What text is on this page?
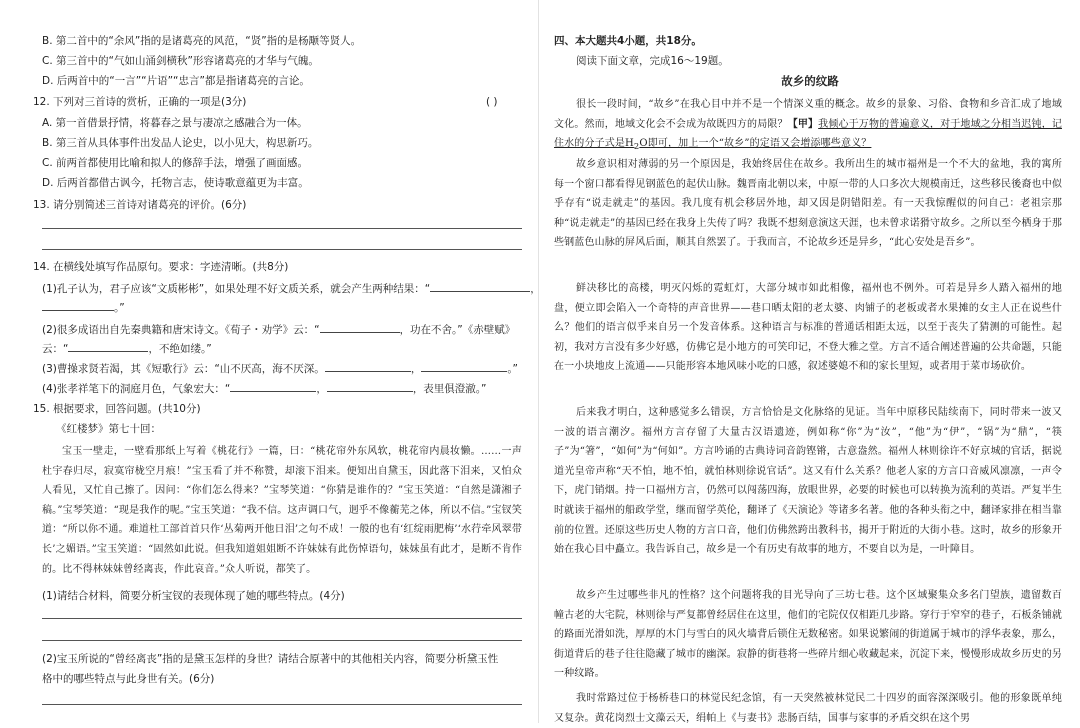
B. 第二首中的“余风”指的是诸葛亮的风范，“贤”指的是杨颙等贤人。
C. 第三首中的“气如山涌剑横秋”形容诸葛亮的才华与气魄。
D. 后两首中的“一言”“片语”“忠言”都是指诸葛亮的言论。
12. 下列对三首诗的赏析，正确的一项是(3分)	( )
A. 第一首借景抒情，将暮春之景与凄凉之感融合为一体。
B. 第三首从具体事件出发品人论史，以小见大，构思新巧。
C. 前两首都使用比喻和拟人的修辞手法，增强了画面感。
D. 后两首都借古讽今，托物言志，使诗歌意蕴更为丰富。
13. 请分别简述三首诗对诸葛亮的评价。(6分)
14. 在横线处填写作品原句。要求：字迹清晰。(共8分)
(1)孔子认为，君子应该“文质彬彬”，如果处理不好文质关系，就会产生两种结果：“	，
。”
(2)很多成语出自先秦典籍和唐宋诗文。《荀子・劝学》云：“	，功在不舍。”《赤壁赋》
云：“	，不绝如缕。”
(3)曹操求贤若渴，其《短歌行》云：“山不厌高，海不厌深。	，	。”
(4)张孝祥笔下的洞庭月色，气象宏大：“	，	，表里俱澄澈。”
15. 根据要求，回答问题。(共10分)
《红楼梦》第七十回：
宝玉一壁走，一壁看那纸上写着《桃花行》一篇，曰：“桃花帘外东风软，桃花帘内晨妆懒。……一声杜宇春归尽，寂寞帘栊空月痕！”宝玉看了并不称赞，却滚下泪来。便知出自黛玉，因此落下泪来，又怕众人看见，又忙自己擦了。因问：“你们怎么得来？”宝琴笑道：“你猜是谁作的？”宝玉笑道：“自然是潇湘子稿。”宝琴笑道：“现是我作的呢。”宝玉笑道：“我不信。这声调口气，迥乎不像蘅芜之体，所以不信。”宝钗笑道：“所以你不通。难道杜工部首首只作‘丛菊两开他日泪’之句不成！一般的也有‘红绽雨肥梅’‘水荇牵风翠带长’之媚语。”宝玉笑道：“固然如此说。但我知道姐姐断不许妹妹有此伤悼语句，妹妹虽有此才，是断不肯作的。比不得林妹妹曾经离丧，作此哀音。”众人听说，都笑了。
(1)请结合材料，简要分析宝钗的表现体现了她的哪些特点。(4分)
(2)宝玉所说的“曾经离丧”指的是黛玉怎样的身世？请结合原著中的其他相关内容，简要分析黛玉性
格中的哪些特点与此身世有关。(6分)
四、本大题共4小题，共18分。
阅读下面文章，完成16～19题。
故乡的纹路
很长一段时间，“故乡”在我心目中并不是一个情深义重的概念。故乡的景象、习俗、食物和乡音汇成了地域文化。然而，地域文化会不会成为故既四方的局限？【甲】我倾心于万物的普遍意义，对于地域之分相当迟钝，记住水的分子式是$H_2O$即可，加上一个“故乡”的定语又会增添哪些意义？
故乡意识相对薄弱的另一个原因是，我始终居住在故乡。我所出生的城市福州是一个不大的盆地，我的寓所每一个窗口都看得见钢蓝色的起伏山脉。魏晋南北朝以来，中原一带的人口多次大规模南迁，这些移民後裔也中似乎存有“说走就走”的基因。我几度有机会移居外地，却又因是阴错阳差。有一天我惊醒似的问自己：老祖宗那种“说走就走”的基因已经在我身上失传了吗？我既不想刻意演这天涯，也未曾求诺猾守故乡。之所以至今栖身于那些钢蓝色山脉的屏风后面，顺其自然罢了。于我而言，不论故乡还是异乡，“此心安处是吾乡”。
鲜决移比的高楼，明灭闪烁的霓虹灯，大部分城市如此相像，福州也不例外。可若是异乡人踏入福州的地盘，便立即会陷入一个奇特的声音世界——巷口晒太阳的老太婆、肉铺子的老板或者水果摊的女主人正在说些什么？他们的语言似乎来自另一个发音体系。这种语言与标准的普通话相距太远，以至于丧失了猜测的可能性。起初，我对方言没有多少好感，仿佛它是小地方的可笑印记，不登大雅之堂。方言不适合阐述普遍的公共命题，只能在一小块地皮上流通——只能形容本地风味小吃的口感，叙述婆媳不和的家长里短，或者用于菜市场砍价。
后来我才明白，这种感觉多么错误，方言恰恰是文化脉络的见证。当年中原移民陆续南下，同时带来一波又一波的语言潮汐。福州方言存留了大量古汉语遗迹，例如称“你”为“汝”，“他”为“伊”，“锅”为“鼎”，“筷子”为“箸”，“如何”为“何如”。方言吟诵的古典诗词音韵铿锵，古意盎然。福州人林则徐许不好京城的官话，据说道光皇帝声称“天不怕，地不怕，就怕林则徐说官话”。这又有什么关系？他老人家的方言口音威风凛凛，一声令下，虎门销烟。持一口福州方言，仍然可以闯荡四海，放眼世界，必要的时候也可以转换为流利的英语。严复半生时就读于福州的船政学堂，继而留学英伦，翻译了《天演论》等诸多名著。他的各种头衔之中，翻译家排在相当靠前的位置。还原这些历史人物的方言口音，他们仿佛然跨出教科书，揭开于附近的大街小巷。这时，故乡的形象开始在我心目中矗立。我告诉自己，故乡是一个有历史有故事的地方，不要自以为是，一叶障目。
故乡产生过哪些非凡的性格？这个问题将我的目光导向了三坊七巷。这个区域聚集众多名门望族，遗留数百幢古老的大宅院，林则徐与严复都曾经居住在这里，他们的宅院仅仅相距几步路。穿行于窄窄的巷子，石板条铺就的路面光滑如洗，厚厚的木门与雪白的风火墙背后锁住无数秘密。如果说繁闹的街道属于城市的浮华表象，那么，街道背后的巷子往往隐藏了城市的幽深。寂静的街巷将一些碎片细心收藏起来，沉淀下来，慢慢形成故乡历史的另一种纹路。
我时常路过位于杨桥巷口的林觉民纪念馆，有一天突然被林觉民二十四岁的面容深深吸引。他的形象既单纯又复杂。黄花岗烈士文藻云天，绢帕上《与妻书》悲肠百结，国事与家事的矛盾交织在这个男
